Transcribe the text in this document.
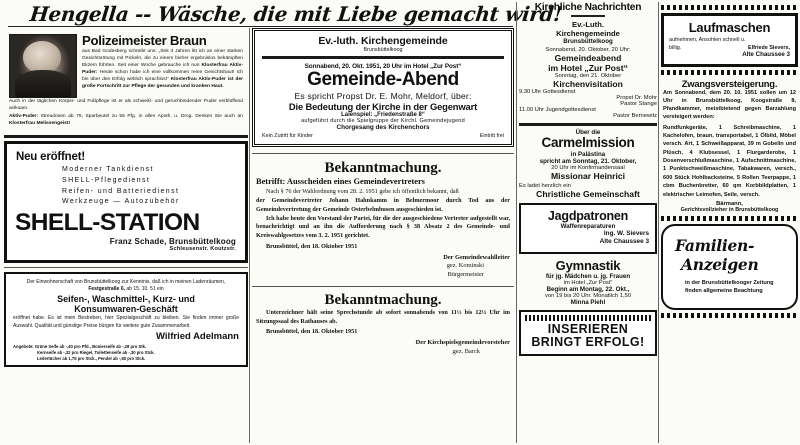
Hengella -- Wäsche, die mit Liebe gemacht wird!
Polizeimeister Braun
aus Bad Godesberg schreibt uns: „Seit 3 Jahren litt ich an einer starken Gesichtsrötung mit Pickeln, die zu einem bisher ergebnislos bekämpften Ekzem führten. Seit einer Woche gebrauche ich nun Klosterfrau Aktiv-Puder: Heute schon habe ich eine vollkommen reine Gesichtshaut! Ich bin über den Erfolg wirklich sprachlos!“ Klosterfrau Aktiv-Puder ist der große Fortschritt zur Pflege der gesunden und kranken Haut.
Auch in der täglichen Körper- und Fußpflege ist er als schweiß- und geruchbindender Puder verblüffend wirksam.
Aktiv-Puder: Streudosen ab 75, Sparbeutel zu 55 Pfg. in allen Apoth. u. Drog. Denken Sie auch an Klosterfrau Melissengeist!
Neu eröffnet!
Moderner Tankdienst
SHELL-Pflegedienst
Reifen- und Batteriedienst
Werkzeuge — Autozubehör
SHELL-STATION
Franz Schade, Brunsbüttelkoog
Schleusenstr. Koutzstr.
Der Einwohnerschaft von Brunsbüttelkoog zur Kenntnis, daß ich in meinen Ladenräumen, Festgestraße 6, ab 15. 10. 51 ein
Seifen-, Waschmittel-, Kurz- und
Konsumwaren-Geschäft
eröffnet habe. Es ist mein Bestreben, hier Spezialgeschäft zu bleiben. Sie finden immer große Auswahl. Qualität und günstige Preise bürgen für weitere gute Zusammenarbeit.
Wilfried Adelmann
Angebote: Grüne Seife ab -,40 pro Pfd., Bonierseife ab -,28 pro Stk.
Kernseife ab -,32 pro Riegel, Toilettenseife ab -,30 pro Stck.
Ledertücher ab 1,75 pro Stck., Pendel ab -,60 pro Stck.
Ev.-luth. Kirchengemeinde
Brunsbüttelkoog
Sonnabend, 20. Okt. 1951, 20 Uhr im Hotel „Zur Post“
Gemeinde-Abend
Es spricht Propst Dr. E. Mohr, Meldorf, über:
Die Bedeutung der Kirche in der Gegenwart
Laienspiel: „Friedenstraße 8“
aufgeführt durch die Spielgruppe der Kirchl. Gemeindejugend
Chorgesang des Kirchenchors
Kein Zutritt für Kinder	Eintritt frei
Bekanntmachung.
Betrifft: Ausscheiden eines Gemeindevertreters
Nach § 76 der Wahlordnung vom 28. 2. 1951 gebe ich öffentlich bekannt, daß
der Gemeindevertreter Johann Hahnkamm in Belmermoor durch Tod aus der Gemeindevertretung der Gemeinde Osterbelmbusen ausgeschieden ist.
Ich habe heute den Vorstand der Partei, für die der ausgeschiedene Vertreter aufgestellt war, benachrichtigt und an ihn die Aufforderung nach § 38 Absatz 2 des Gemeinde- und Kreiswahlgesetzes vom 3. 2. 1951 gerichtet.
Brunsbüttel, den 18. Oktober 1951
Der Gemeindewahlleiter
gez. Kominski
Bürgermeister
Bekanntmachung.
Unterzeichner hält seine Sprechstunde ab sofort sonnabends von 11½ bis 12½ Uhr im Sitzungssaal des Rathauses ab.
Brunsbüttel, den 18. Oktober 1951
Der Kirchspielsgemeindevorsteher
gez. Barck
Kirchliche Nachrichten
Ev.-Luth.
Kirchengemeinde
Brunsbüttelkoog
Sonnabend, 20. Oktober, 20 Uhr:
Gemeindeabend
im Hotel „Zur Post“
Sonntag, den 21. Oktober
Kirchenvisitation
9.30 Uhr Gottesdienst
Propst Dr. Mohr
Pastor Stange
11.00 Uhr Jugendgottesdienst
Pastor Bernewitz
Über die
Carmelmission
in Palästina
spricht am Sonntag, 21. Oktober,
20 Uhr im Konfirmandensaal
Missionar Heinrici
Es ladet herzlich ein
Christliche Gemeinschaft
Jagdpatronen
Waffenreparaturen
Ing. W. Sievers
Alte Chaussee 3
Gymnastik
für jg. Mädchen u. jg. Frauen
im Hotel „Zur Post“
Beginn am Montag, 22. Okt.,
von 19 bis 20 Uhr. Monatlich 1,50
Minna Piehl
INSERIEREN
BRINGT ERFOLG!
Laufmaschen
aufnehmen, Ansohlen schnell u.
billig.	Elfriede Sievers,
Alte Chaussee 3
Zwangsversteigerung.
Am Sonnabend, dem 20. 10. 1951 sollen um 12 Uhr in Brunsbüttelkoog, Koogstraße 8, Pfandkammer, meistbietend gegen Barzahlung versteigert werden:
Rundfunkgeräte, 1 Schreibmaschine, 1 Kachelofen, braun, transportabel, 1 Ölbild, Möbel versch. Art, 1 Schweißapparat, 39 m Gobelin und Plüsch, 4 Klubsessel, 1 Flurgarderobe, 1 Dosenverschlußmaschine, 1 Aufschnittmaschine, 1 Punktschweißmaschine, Tabakwaren, versch., 600 Stück Hohlbacksteine, 5 Rollen Teerpappe, 1 cbm Buchenbretter, 60 qm Korbbildplatten, 1 elektrischer Leimofen, Seile, versch.
Bärmann,
Gerichtsvollzieher in Brunsbüttelkoog
Familien-
Anzeigen
in der Brunsbüttelkooger Zeitung finden allgemeine Beachtung
